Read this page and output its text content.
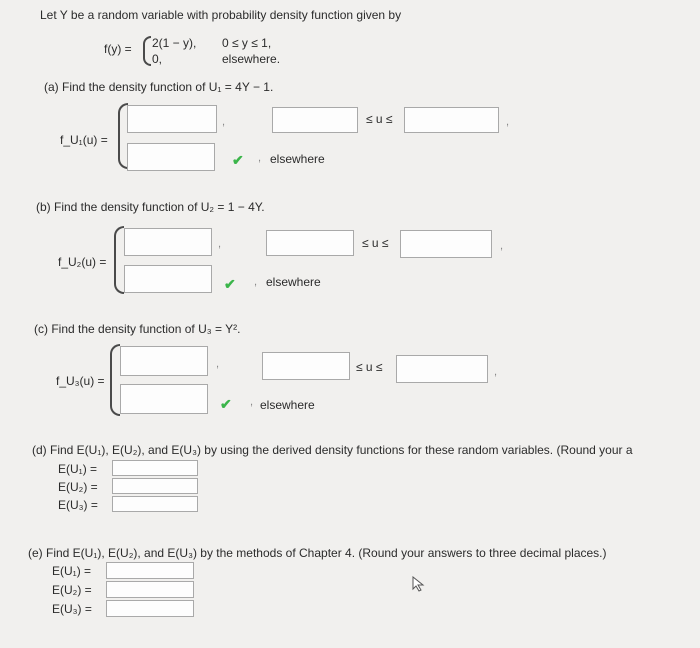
Let Y be a random variable with probability density function given by
f(y) = 2(1 − y), 0 ≤ y ≤ 1,
0,	elsewhere.
(a) Find the density function of U₁ = 4Y − 1.
f_U₁(u) =
,	≤ u ≤	,
✔ , elsewhere
(b) Find the density function of U₂ = 1 − 4Y.
f_U₂(u) =
,	≤ u ≤	,
✔ , elsewhere
(c) Find the density function of U₃ = Y².
f_U₃(u) =
,	≤ u ≤	,
✔ , elsewhere
(d) Find E(U₁), E(U₂), and E(U₃) by using the derived density functions for these random variables. (Round your a
E(U₁) =
E(U₂) =
E(U₃) =
(e) Find E(U₁), E(U₂), and E(U₃) by the methods of Chapter 4. (Round your answers to three decimal places.)
E(U₁) =
E(U₂) =
E(U₃) =
